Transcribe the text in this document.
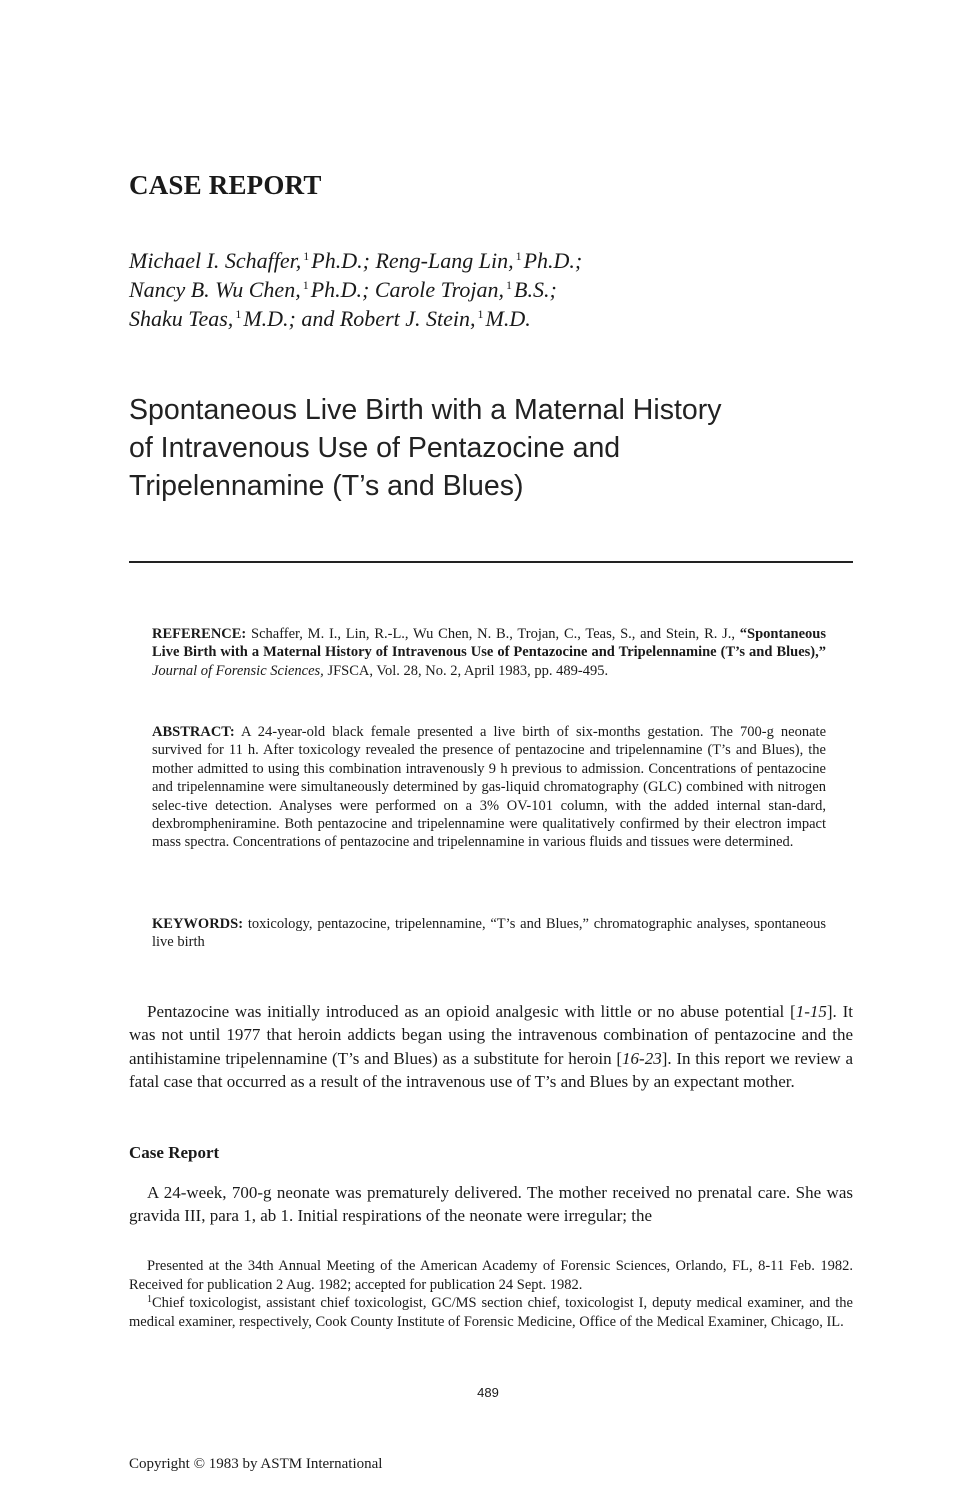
CASE REPORT
Michael I. Schaffer, $^1$Ph.D.; Reng-Lang Lin, $^1$Ph.D.;
Nancy B. Wu Chen, $^1$Ph.D.; Carole Trojan, $^1$B.S.;
Shaku Teas, $^1$M.D.; and Robert J. Stein, $^1$M.D.
Spontaneous Live Birth with a Maternal History
of Intravenous Use of Pentazocine and
Tripelennamine (T’s and Blues)

REFERENCE: Schaffer, M. I., Lin, R.-L., Wu Chen, N. B., Trojan, C., Teas, S., and Stein, R. J., “Spontaneous Live Birth with a Maternal History of Intravenous Use of Pentazocine and Tripelennamine (T’s and Blues),” Journal of Forensic Sciences, JFSCA, Vol. 28, No. 2, April 1983, pp. 489-495.

ABSTRACT: A 24-year-old black female presented a live birth of six-months gestation. The 700-g neonate survived for 11 h. After toxicology revealed the presence of pentazocine and tripelennamine (T’s and Blues), the mother admitted to using this combination intravenously 9 h previous to admission. Concentrations of pentazocine and tripelennamine were simultaneously determined by gas-liquid chromatography (GLC) combined with nitrogen selec-tive detection. Analyses were performed on a 3% OV-101 column, with the added internal stan-dard, dexbrompheniramine. Both pentazocine and tripelennamine were qualitatively confirmed by their electron impact mass spectra. Concentrations of pentazocine and tripelennamine in various fluids and tissues were determined.

KEYWORDS: toxicology, pentazocine, tripelennamine, “T’s and Blues,” chromatographic analyses, spontaneous live birth

Pentazocine was initially introduced as an opioid analgesic with little or no abuse potential [1-15]. It was not until 1977 that heroin addicts began using the intravenous combination of pentazocine and the antihistamine tripelennamine (T’s and Blues) as a substitute for heroin [16-23]. In this report we review a fatal case that occurred as a result of the intravenous use of T’s and Blues by an expectant mother.

Case Report

A 24-week, 700-g neonate was prematurely delivered. The mother received no prenatal care. She was gravida III, para 1, ab 1. Initial respirations of the neonate were irregular; the

Presented at the 34th Annual Meeting of the American Academy of Forensic Sciences, Orlando, FL, 8-11 Feb. 1982. Received for publication 2 Aug. 1982; accepted for publication 24 Sept. 1982.

$^1$Chief toxicologist, assistant chief toxicologist, GC/MS section chief, toxicologist I, deputy medical examiner, and the medical examiner, respectively, Cook County Institute of Forensic Medicine, Office of the Medical Examiner, Chicago, IL.

489
Copyright © 1983 by ASTM International
